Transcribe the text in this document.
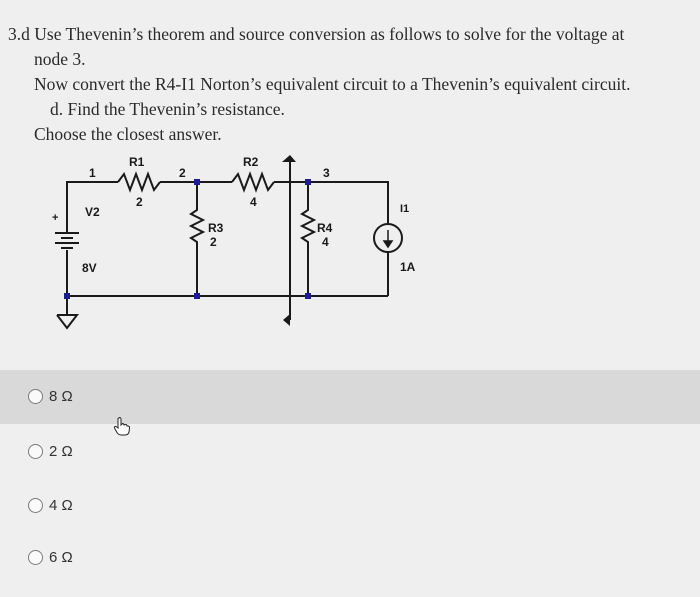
3.d Use Thevenin’s theorem and source conversion as follows to solve for the voltage at
node 3.
Now convert the R4-I1 Norton’s equivalent circuit to a Thevenin’s equivalent circuit.
d. Find the Thevenin’s resistance.
Choose the closest answer.
1
R1
2
2
R2
4
3
R3
2
R4
4
V2
+
8V
I1
1A
8 Ω
2 Ω
4 Ω
6 Ω
